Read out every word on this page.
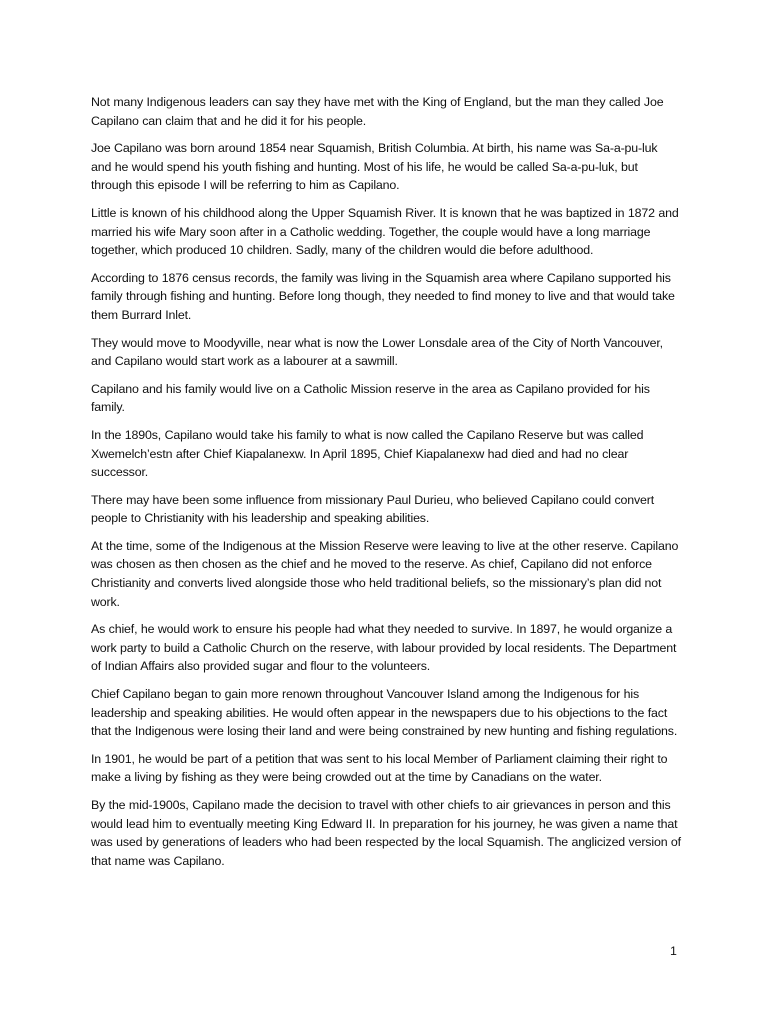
Not many Indigenous leaders can say they have met with the King of England, but the man they called Joe Capilano can claim that and he did it for his people.

Joe Capilano was born around 1854 near Squamish, British Columbia. At birth, his name was Sa-a-pu-luk and he would spend his youth fishing and hunting. Most of his life, he would be called Sa-a-pu-luk, but through this episode I will be referring to him as Capilano.

Little is known of his childhood along the Upper Squamish River. It is known that he was baptized in 1872 and married his wife Mary soon after in a Catholic wedding. Together, the couple would have a long marriage together, which produced 10 children. Sadly, many of the children would die before adulthood.

According to 1876 census records, the family was living in the Squamish area where Capilano supported his family through fishing and hunting. Before long though, they needed to find money to live and that would take them Burrard Inlet.

They would move to Moodyville, near what is now the Lower Lonsdale area of the City of North Vancouver, and Capilano would start work as a labourer at a sawmill.

Capilano and his family would live on a Catholic Mission reserve in the area as Capilano provided for his family.

In the 1890s, Capilano would take his family to what is now called the Capilano Reserve but was called Xwemelch’estn after Chief Kiapalanexw. In April 1895, Chief Kiapalanexw had died and had no clear successor.

There may have been some influence from missionary Paul Durieu, who believed Capilano could convert people to Christianity with his leadership and speaking abilities.

At the time, some of the Indigenous at the Mission Reserve were leaving to live at the other reserve. Capilano was chosen as then chosen as the chief and he moved to the reserve. As chief, Capilano did not enforce Christianity and converts lived alongside those who held traditional beliefs, so the missionary’s plan did not work.

As chief, he would work to ensure his people had what they needed to survive. In 1897, he would organize a work party to build a Catholic Church on the reserve, with labour provided by local residents. The Department of Indian Affairs also provided sugar and flour to the volunteers.

Chief Capilano began to gain more renown throughout Vancouver Island among the Indigenous for his leadership and speaking abilities. He would often appear in the newspapers due to his objections to the fact that the Indigenous were losing their land and were being constrained by new hunting and fishing regulations.

In 1901, he would be part of a petition that was sent to his local Member of Parliament claiming their right to make a living by fishing as they were being crowded out at the time by Canadians on the water.

By the mid-1900s, Capilano made the decision to travel with other chiefs to air grievances in person and this would lead him to eventually meeting King Edward II. In preparation for his journey, he was given a name that was used by generations of leaders who had been respected by the local Squamish. The anglicized version of that name was Capilano.

1
